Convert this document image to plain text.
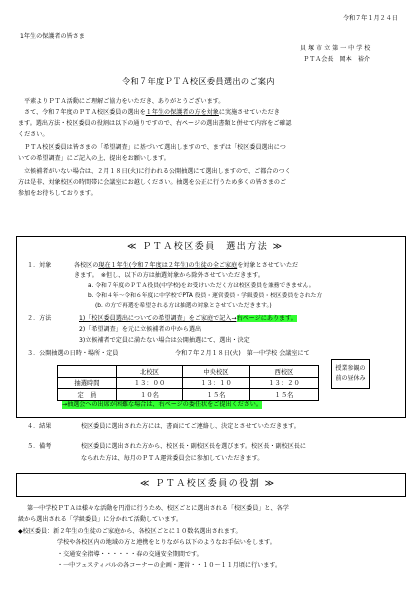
令和７年１月２４日
1年生の保護者の皆さま
貝 塚 市 立 第 一 中 学 校
ＰＴＡ会長　岡本　裕介
令和７年度ＰＴＡ校区委員選出のご案内
平素よりＰＴＡ活動にご理解ご協力をいただき、ありがとうございます。
さて、令和７年度のＰＴＡ校区委員の選出を１年生の保護者の方を対象に実施させていただき
ます。選出方法・校区委員の役割は以下の通りですので、右ページの選出書類と併せて内容をご確認
ください。
ＰＴＡ校区委員は皆さまの「希望調査」に基づいて選出しますので、まずは「校区委員選出につ
いての希望調査」にご記入の上、提出をお願いします。
立候補者がいない場合は、２月１８日(火)に行われる公開抽選にて選出しますので、ご都合のつく
方は是非、対象校区の時間帯に会議室にお越しください。抽選を公正に行うため多くの皆さまのご
参加をお待ちしております。
≪ ＰＴＡ校区委員　選出方法 ≫
１．対象	各校区の現在１年生(令和７年度は２年生)の生徒の全ご家庭を対象とさせていただ
きます。　※但し、以下の方は抽選対象から除外させていただきます。
a. 令和７年度のＰＴＡ役員(中学校)をお受けいただく方は校区委員を兼務できません。
b. 令和４年～令和６年度に中学校でPTA 役員・運営委員・学級委員・校区委員をされた方
(b. の方で再選を希望される方は抽選の対象とさせていただきます。)
２．方法	1)「校区委員選出についての希望調査」をご家庭で記入→右ページにあります。
2)「希望調査」を元に立候補者の中から選出
3)立候補者で定員に満たない場合は公開抽選にて、選出・決定
３．公開抽選の日時・場所・定員	令和７年２月１８日(火)　第一中学校 会議室にて
	北校区	中央校区	西校区
抽選時間	１３：００	１３：１０	１３：２０
定　員	１０名	１５名	１５名
授業参観の
前の昼休み
→抽選会への出席が困難な場合は、右ページの委任状をご提出ください。
４．結果	校区委員に選出された方には、書面にてご連絡し、決定とさせていただきます。
５．備考	校区委員に選出された方から、校区長・副校区長を選びます。校区長・副校区長に
なられた方は、毎月のＰＴＡ運営委員会に参加していただきます。
≪ ＰＴＡ校区委員の役割 ≫
第一中学校ＰＴＡは様々な活動を円滑に行うため、校区ごとに選出される「校区委員」と、各学
級から選出される「学級委員」に分かれて活動しています。
◆校区委員：新２年生の生徒のご家庭から、各校区ごとに１０数名選出されます。
学校や各校区内の地域の方と連携をとりながら以下のようなお手伝いをします。
・交通安全指導・・・・・・春の交通安全期間です。
・一中フェスティバルの各コーナーの企画・運営・・１０～１１月頃に行います。
